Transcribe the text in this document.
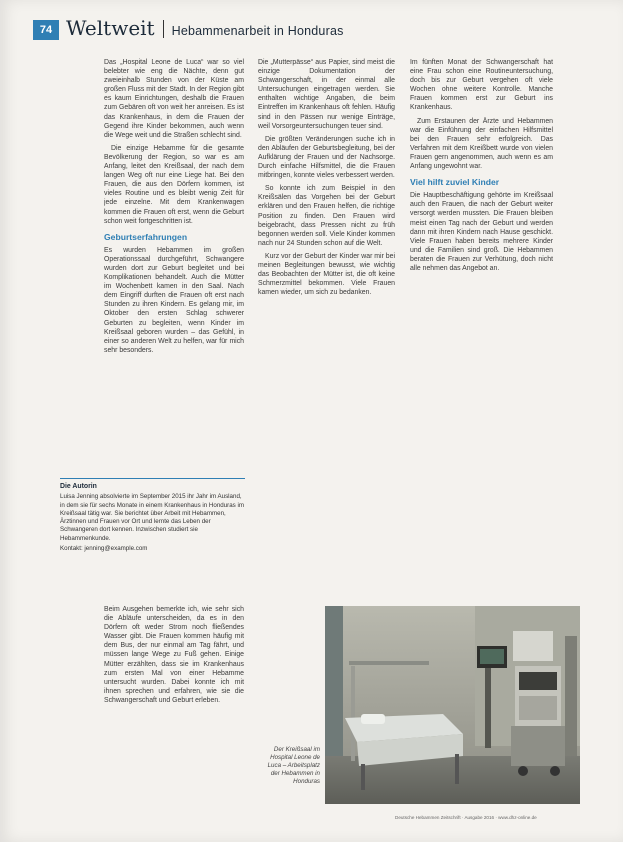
74 Weltweit Hebammenarbeit in Honduras

Das „Hospital Leone de Luca“ war so viel belebter wie eng die Nächte, denn gut zweieinhalb Stunden von der Küste am großen Fluss mit der Stadt. In der Region gibt es kaum Einrichtungen, deshalb die Frauen zum Gebären oft von weit her anreisen. Es ist das Krankenhaus, in dem die Frauen der Gegend ihre Kinder bekommen, auch wenn die Wege weit und die Straßen schlecht sind.

Die einzige Hebamme für die gesamte Bevölkerung der Region, so war es am Anfang, leitet den Kreißsaal, der nach dem langen Weg oft nur eine Liege hat. Bei den Frauen, die aus den Dörfern kommen, ist vieles Routine und es bleibt wenig Zeit für jede einzelne. Mit dem Krankenwagen kommen die Frauen oft erst, wenn die Geburt schon weit fortgeschritten ist.

Geburtserfahrungen

Es wurden Hebammen im großen Operationssaal durchgeführt, Schwangere wurden dort zur Geburt begleitet und bei Komplikationen behandelt. Auch die Mütter im Wochenbett kamen in den Saal. Nach dem Eingriff durften die Frauen oft erst nach Stunden zu ihren Kindern. Es gelang mir, im Oktober den ersten Schlag schwerer Geburten zu begleiten, wenn Kinder im Kreißsaal geboren wurden – das Gefühl, in einer so anderen Welt zu helfen, war für mich sehr besonders.

Die Autorin
Luisa Jenning absolvierte im September 2015 ihr Jahr im Ausland, in dem sie für sechs Monate in einem Krankenhaus in Honduras im Kreißsaal tätig war. Sie berichtet über Arbeit mit Hebammen, Ärztinnen und Frauen vor Ort und lernte das Leben der Schwangeren dort kennen. Inzwischen studiert sie Hebammenkunde.
Kontakt: jenning@example.com

Die „Mutterpässe“ aus Papier, sind meist die einzige Dokumentation der Schwangerschaft, in der einmal alle Untersuchungen eingetragen werden. Sie enthalten wichtige Angaben, die beim Eintreffen im Krankenhaus oft fehlen. Häufig sind in den Pässen nur wenige Einträge, weil Vorsorgeuntersuchungen teuer sind.

Die größten Veränderungen suche ich in den Abläufen der Geburtsbegleitung, bei der Aufklärung der Frauen und der Nachsorge. Durch einfache Hilfsmittel, die die Frauen mitbringen, konnte vieles verbessert werden.

So konnte ich zum Beispiel in den Kreißsälen das Vorgehen bei der Geburt erklären und den Frauen helfen, die richtige Position zu finden. Den Frauen wird beigebracht, dass Pressen nicht zu früh begonnen werden soll. Viele Kinder kommen nach nur 24 Stunden schon auf die Welt.

Kurz vor der Geburt der Kinder war mir bei meinen Begleitungen bewusst, wie wichtig das Beobachten der Mütter ist, die oft keine Schmerzmittel bekommen. Viele Frauen kamen wieder, um sich zu bedanken.

Im fünften Monat der Schwangerschaft hat eine Frau schon eine Routineuntersuchung, doch bis zur Geburt vergehen oft viele Wochen ohne weitere Kontrolle. Manche Frauen kommen erst zur Geburt ins Krankenhaus.

Zum Erstaunen der Ärzte und Hebammen war die Einführung der einfachen Hilfsmittel bei den Frauen sehr erfolgreich. Das Verfahren mit dem Kreißbett wurde von vielen Frauen gern angenommen, auch wenn es am Anfang ungewohnt war.

Viel hilft zuviel Kinder

Die Hauptbeschäftigung gehörte im Kreißsaal auch den Frauen, die nach der Geburt weiter versorgt werden mussten. Die Frauen bleiben meist einen Tag nach der Geburt und werden dann mit ihren Kindern nach Hause geschickt. Viele Frauen haben bereits mehrere Kinder und die Familien sind groß. Die Hebammen beraten die Frauen zur Verhütung, doch nicht alle nehmen das Angebot an.

Beim Ausgehen bemerkte ich, wie sehr sich die Abläufe unterscheiden, da es in den Dörfern oft weder Strom noch fließendes Wasser gibt. Die Frauen kommen häufig mit dem Bus, der nur einmal am Tag fährt, und müssen lange Wege zu Fuß gehen. Einige Mütter erzählten, dass sie im Krankenhaus zum ersten Mal von einer Hebamme untersucht wurden. Dabei konnte ich mit ihnen sprechen und erfahren, wie sie die Schwangerschaft und Geburt erleben.

Der Kreißsaal im Hospital Leone de Luca – Arbeitsplatz der Hebammen in Honduras
Deutsche Hebammen Zeitschrift · Ausgabe 2016 · www.dhz-online.de
